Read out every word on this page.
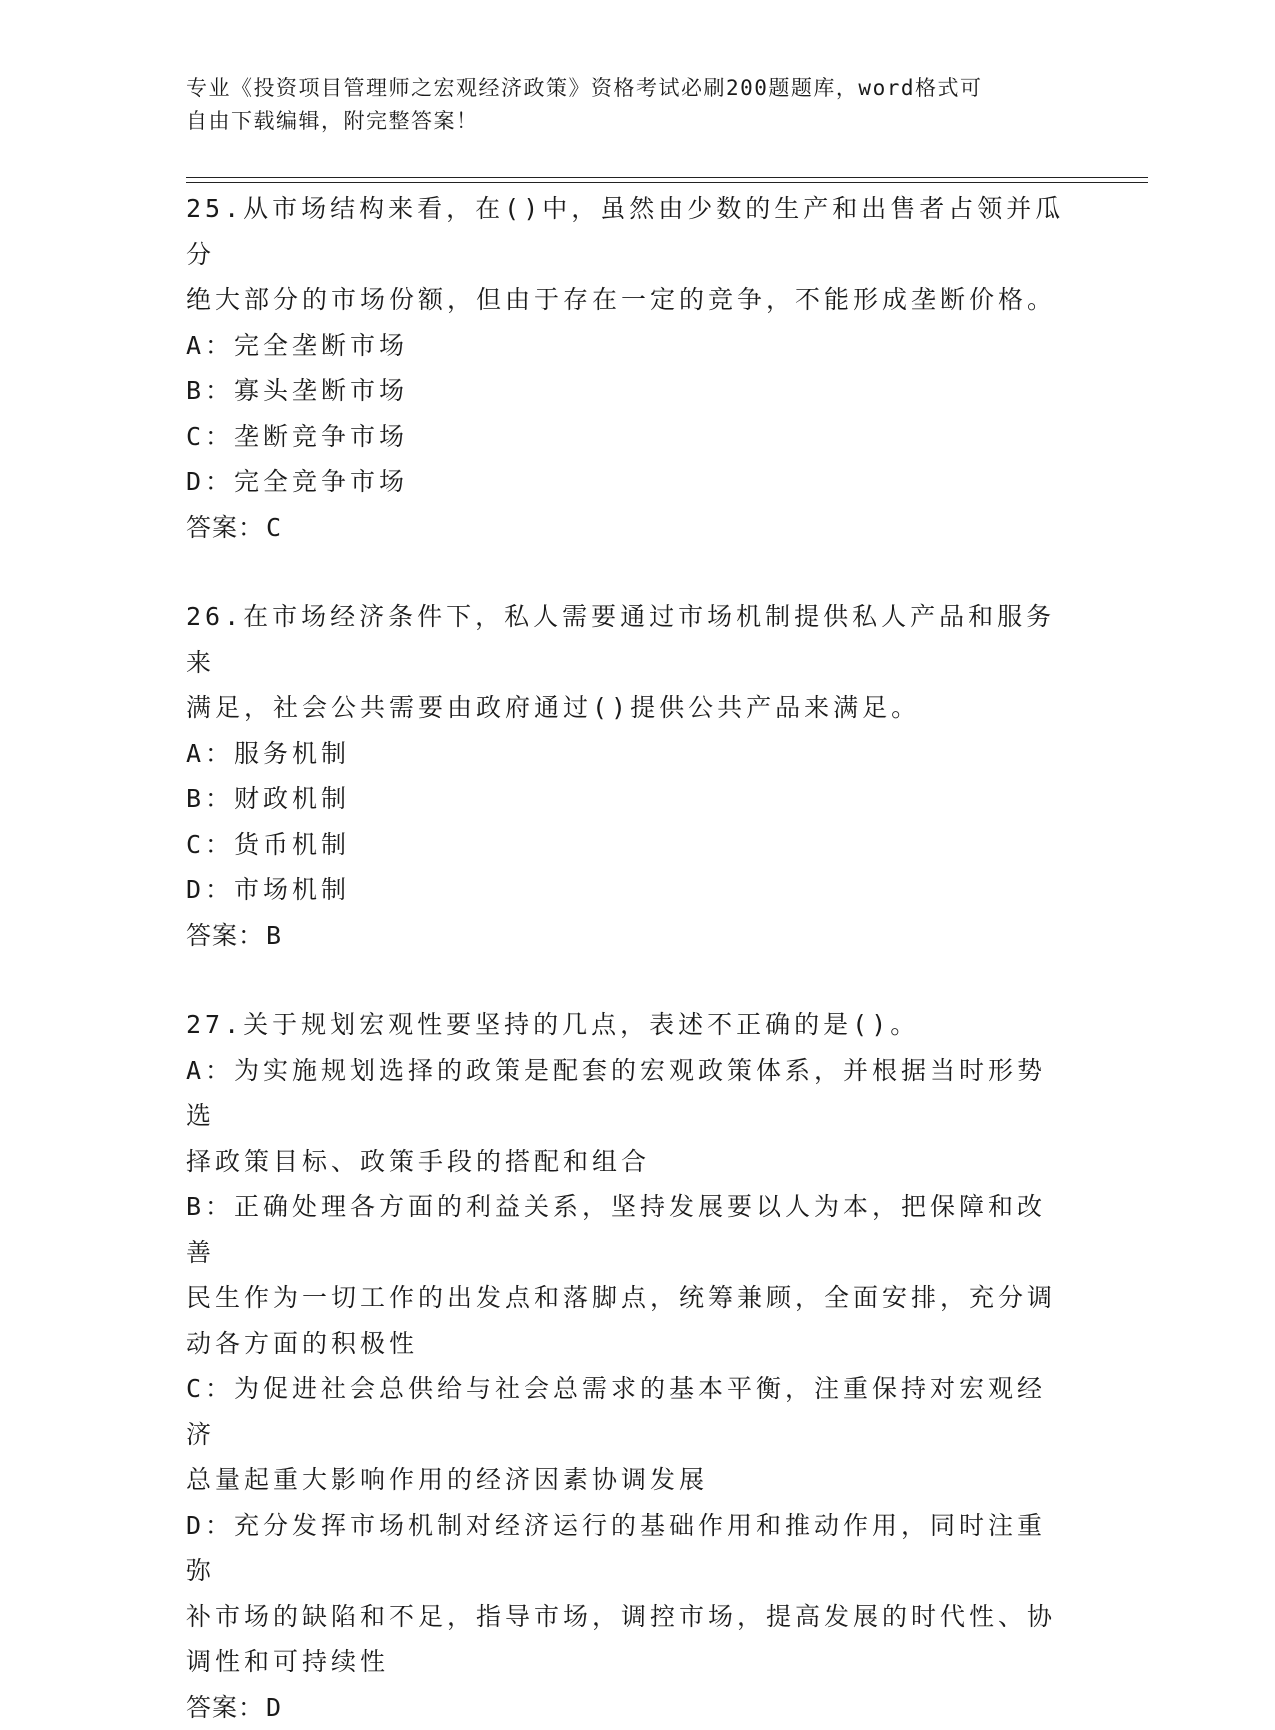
专业《投资项目管理师之宏观经济政策》资格考试必刷200题题库，word格式可
自由下载编辑，附完整答案！
25.从市场结构来看，在()中，虽然由少数的生产和出售者占领并瓜分
绝大部分的市场份额，但由于存在一定的竞争，不能形成垄断价格。
A：完全垄断市场
B：寡头垄断市场
C：垄断竞争市场
D：完全竞争市场
答案：C
26.在市场经济条件下，私人需要通过市场机制提供私人产品和服务来
满足，社会公共需要由政府通过()提供公共产品来满足。
A：服务机制
B：财政机制
C：货币机制
D：市场机制
答案：B
27.关于规划宏观性要坚持的几点，表述不正确的是()。
A：为实施规划选择的政策是配套的宏观政策体系，并根据当时形势选
择政策目标、政策手段的搭配和组合
B：正确处理各方面的利益关系，坚持发展要以人为本，把保障和改善
民生作为一切工作的出发点和落脚点，统筹兼顾，全面安排，充分调
动各方面的积极性
C：为促进社会总供给与社会总需求的基本平衡，注重保持对宏观经济
总量起重大影响作用的经济因素协调发展
D：充分发挥市场机制对经济运行的基础作用和推动作用，同时注重弥
补市场的缺陷和不足，指导市场，调控市场，提高发展的时代性、协
调性和可持续性
答案：D
